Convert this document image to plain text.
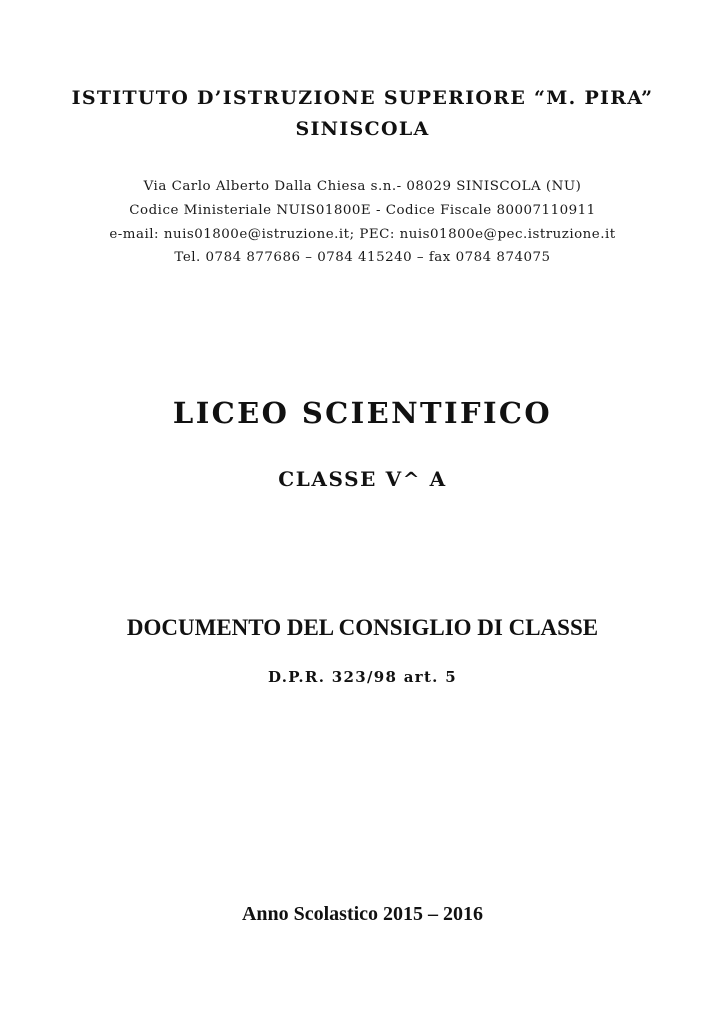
ISTITUTO D’ISTRUZIONE SUPERIORE “M. PIRA”
SINISCOLA
Via Carlo Alberto Dalla Chiesa s.n.- 08029 SINISCOLA (NU)
Codice Ministeriale NUIS01800E - Codice Fiscale 80007110911
e-mail: nuis01800e@istruzione.it; PEC: nuis01800e@pec.istruzione.it
Tel. 0784 877686 – 0784 415240 – fax 0784 874075
LICEO SCIENTIFICO
CLASSE V^ A
DOCUMENTO DEL CONSIGLIO DI CLASSE
D.P.R. 323/98 art. 5
Anno Scolastico 2015 – 2016
